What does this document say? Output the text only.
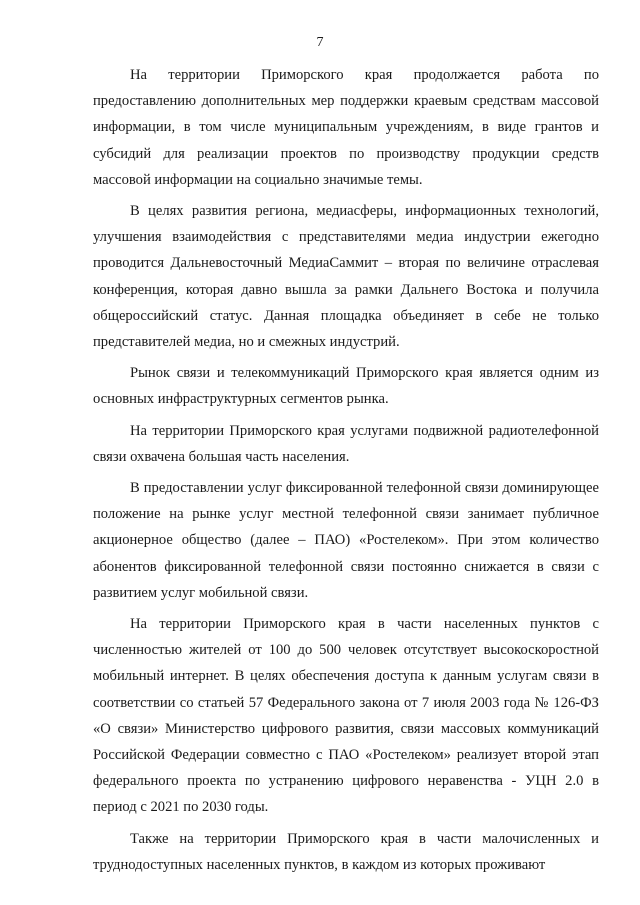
7

На территории Приморского края продолжается работа по предоставлению дополнительных мер поддержки краевым средствам массовой информации, в том числе муниципальным учреждениям, в виде грантов и субсидий для реализации проектов по производству продукции средств массовой информации на социально значимые темы.

В целях развития региона, медиасферы, информационных технологий, улучшения взаимодействия с представителями медиа индустрии ежегодно проводится Дальневосточный МедиаСаммит – вторая по величине отраслевая конференция, которая давно вышла за рамки Дальнего Востока и получила общероссийский статус. Данная площадка объединяет в себе не только представителей медиа, но и смежных индустрий.

Рынок связи и телекоммуникаций Приморского края является одним из основных инфраструктурных сегментов рынка.

На территории Приморского края услугами подвижной радиотелефонной связи охвачена большая часть населения.

В предоставлении услуг фиксированной телефонной связи доминирующее положение на рынке услуг местной телефонной связи занимает публичное акционерное общество (далее – ПАО) «Ростелеком». При этом количество абонентов фиксированной телефонной связи постоянно снижается в связи с развитием услуг мобильной связи.

На территории Приморского края в части населенных пунктов с численностью жителей от 100 до 500 человек отсутствует высокоскоростной мобильный интернет. В целях обеспечения доступа к данным услугам связи в соответствии со статьей 57 Федерального закона от 7 июля 2003 года № 126-ФЗ «О связи» Министерство цифрового развития, связи массовых коммуникаций Российской Федерации совместно с ПАО «Ростелеком» реализует второй этап федерального проекта по устранению цифрового неравенства - УЦН 2.0 в период с 2021 по 2030 годы.

Также на территории Приморского края в части малочисленных и труднодоступных населенных пунктов, в каждом из которых проживают
